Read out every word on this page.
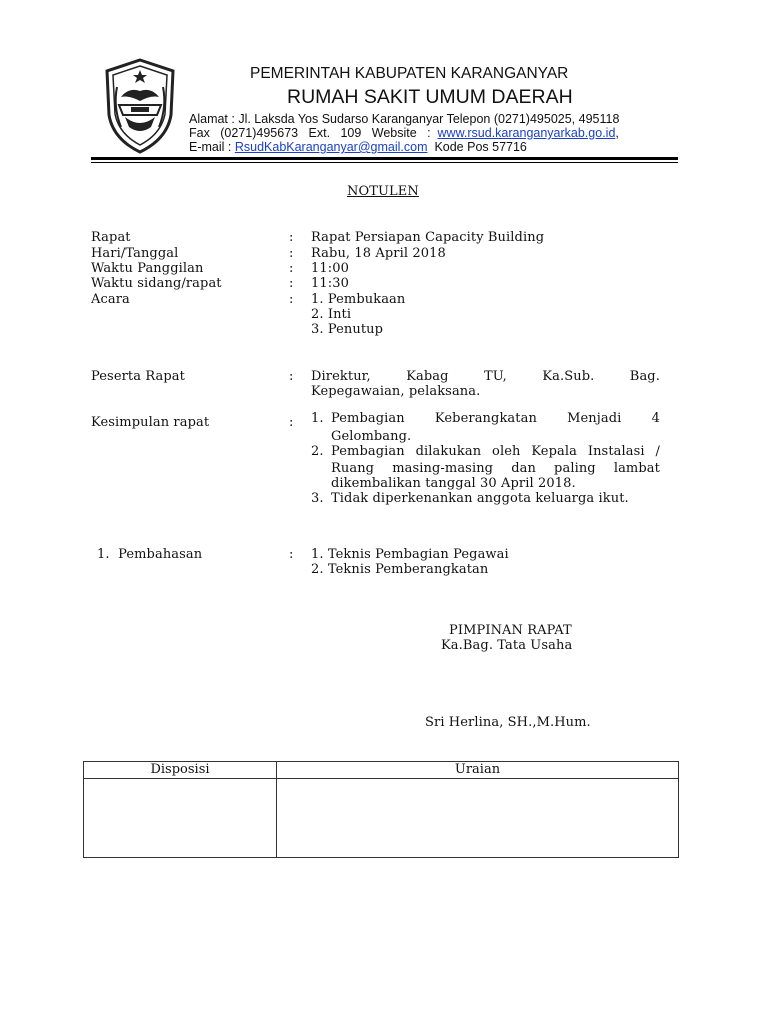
PEMERINTAH KABUPATEN KARANGANYAR
RUMAH SAKIT UMUM DAERAH
Alamat : Jl. Laksda Yos Sudarso Karanganyar Telepon (0271)495025, 495118
Fax   (0271)495673   Ext.   109   Website   :  www.rsud.karanganyarkab.go.id,
E-mail : RsudKabKaranganyar@gmail.com  Kode Pos 57716
NOTULEN
Rapat	: Rapat Persiapan Capacity Building
Hari/Tanggal	: Rabu, 18 April 2018
Waktu Panggilan	: 11:00
Waktu sidang/rapat	: 11:30
Acara	: 1. Pembukaan
2. Inti
3. Penutup
Peserta Rapat	: Direktur,	Kabag	TU,	Ka.Sub.	Bag.
Kepegawaian, pelaksana.
Kesimpulan rapat	: 1. Pembagian Keberangkatan Menjadi 4
Gelombang.
2. Pembagian dilakukan oleh Kepala Instalasi /
Ruang masing-masing dan paling lambat
dikembalikan tanggal 30 April 2018.
3. Tidak diperkenankan anggota keluarga ikut.
1.  Pembahasan	: 1. Teknis Pembagian Pegawai
2. Teknis Pemberangkatan
PIMPINAN RAPAT
Ka.Bag. Tata Usaha
Sri Herlina, SH.,M.Hum.
Disposisi	Uraian
